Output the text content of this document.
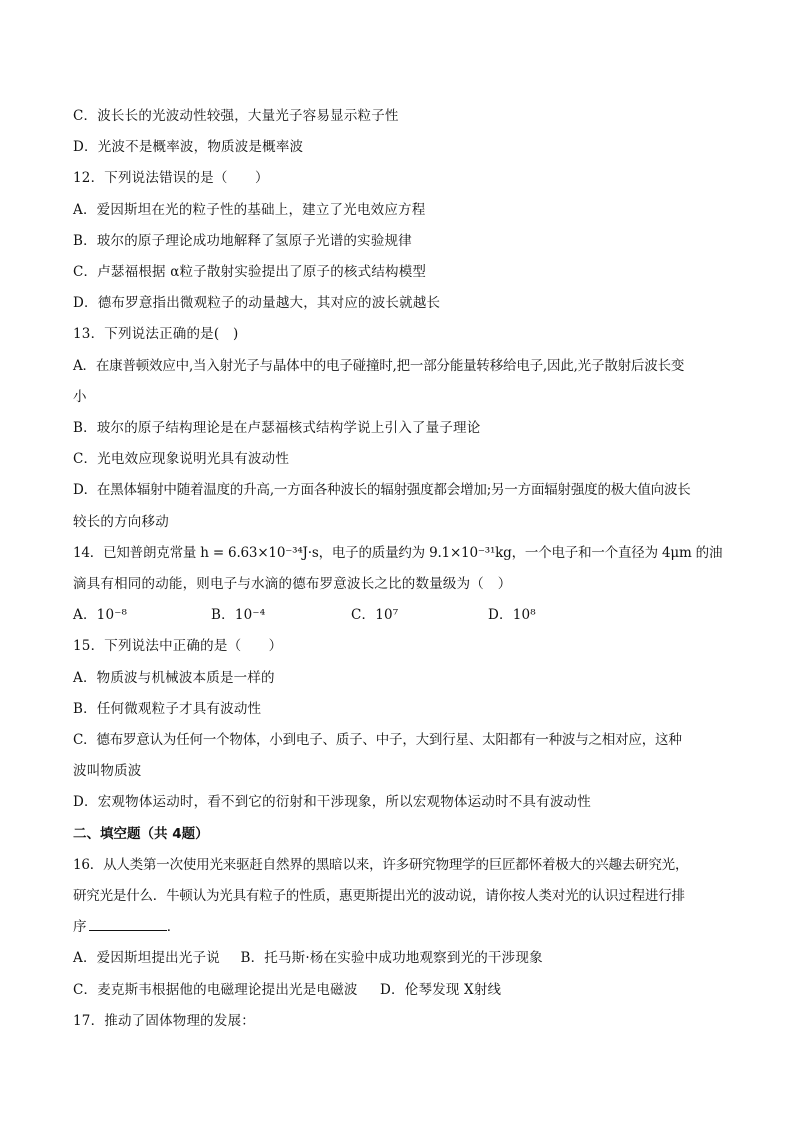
C．波长长的光波动性较强，大量光子容易显示粒子性
D．光波不是概率波，物质波是概率波
12．下列说法错误的是（　　）
A．爱因斯坦在光的粒子性的基础上，建立了光电效应方程
B．玻尔的原子理论成功地解释了氢原子光谱的实验规律
C．卢瑟福根据 α粒子散射实验提出了原子的核式结构模型
D．德布罗意指出微观粒子的动量越大，其对应的波长就越长
13．下列说法正确的是(　)
A．在康普顿效应中,当入射光子与晶体中的电子碰撞时,把一部分能量转移给电子,因此,光子散射后波长变
小
B．玻尔的原子结构理论是在卢瑟福核式结构学说上引入了量子理论
C．光电效应现象说明光具有波动性
D．在黑体辐射中随着温度的升高,一方面各种波长的辐射强度都会增加;另一方面辐射强度的极大值向波长
较长的方向移动
14．已知普朗克常量 h = 6.63×10⁻³⁴J·s，电子的质量约为 9.1×10⁻³¹kg，一个电子和一个直径为 4μm 的油
滴具有相同的动能，则电子与水滴的德布罗意波长之比的数量级为（　）
A．10⁻⁸	B．10⁻⁴	C．10⁷	D．10⁸
15．下列说法中正确的是（　　）
A．物质波与机械波本质是一样的
B．任何微观粒子才具有波动性
C．德布罗意认为任何一个物体，小到电子、质子、中子，大到行星、太阳都有一种波与之相对应，这种
波叫物质波
D．宏观物体运动时，看不到它的衍射和干涉现象，所以宏观物体运动时不具有波动性
二、填空题（共 4题）
16．从人类第一次使用光来驱赶自然界的黑暗以来，许多研究物理学的巨匠都怀着极大的兴趣去研究光，
研究光是什么．牛顿认为光具有粒子的性质，惠更斯提出光的波动说，请你按人类对光的认识过程进行排
序	．
A．爱因斯坦提出光子说 B．托马斯·杨在实验中成功地观察到光的干涉现象
C．麦克斯韦根据他的电磁理论提出光是电磁波 D．伦琴发现 X射线
17．推动了固体物理的发展：
